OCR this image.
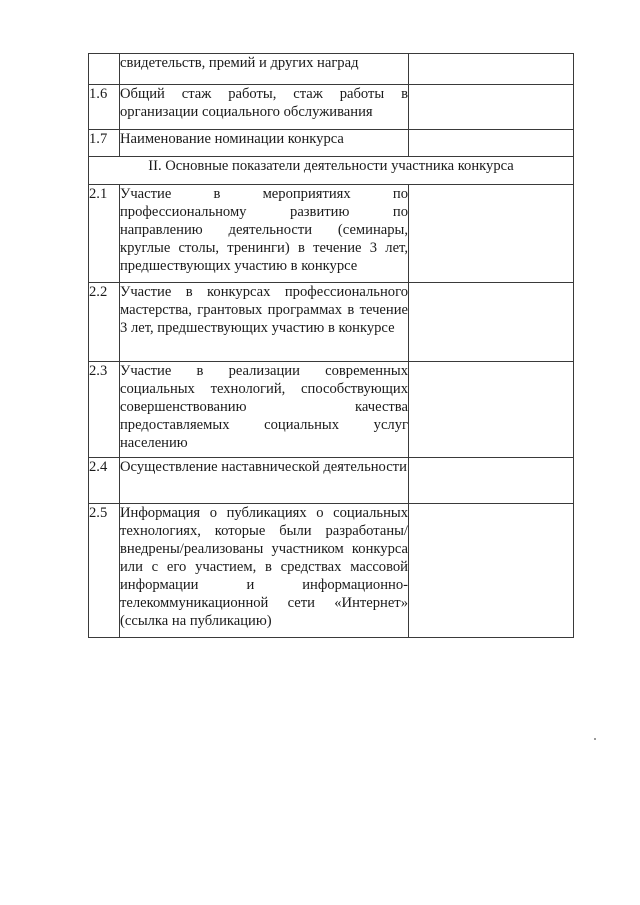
	свидетельств, премий и других наград	
1.6	Общий стаж работы, стаж работы в организации социального обслуживания	
1.7	Наименование номинации конкурса	
II. Основные показатели деятельности участника конкурса		
2.1	Участие в мероприятиях по профессиональному развитию по направлению деятельности (семинары, круглые столы, тренинги) в течение 3 лет, предшествующих участию в конкурсе	
2.2	Участие в конкурсах профессионального мастерства, грантовых программах в течение 3 лет, предшествующих участию в конкурсе	
2.3	Участие в реализации современных социальных технологий, способствующих совершенствованию качества предоставляемых социальных услуг населению	
2.4	Осуществление наставнической деятельности	
2.5	Информация о публикациях о социальных технологиях, которые были разработаны/внедрены/реализованы участником конкурса или с его участием, в средствах массовой информации и информационно-телекоммуникационной сети «Интернет» (ссылка на публикацию)	
